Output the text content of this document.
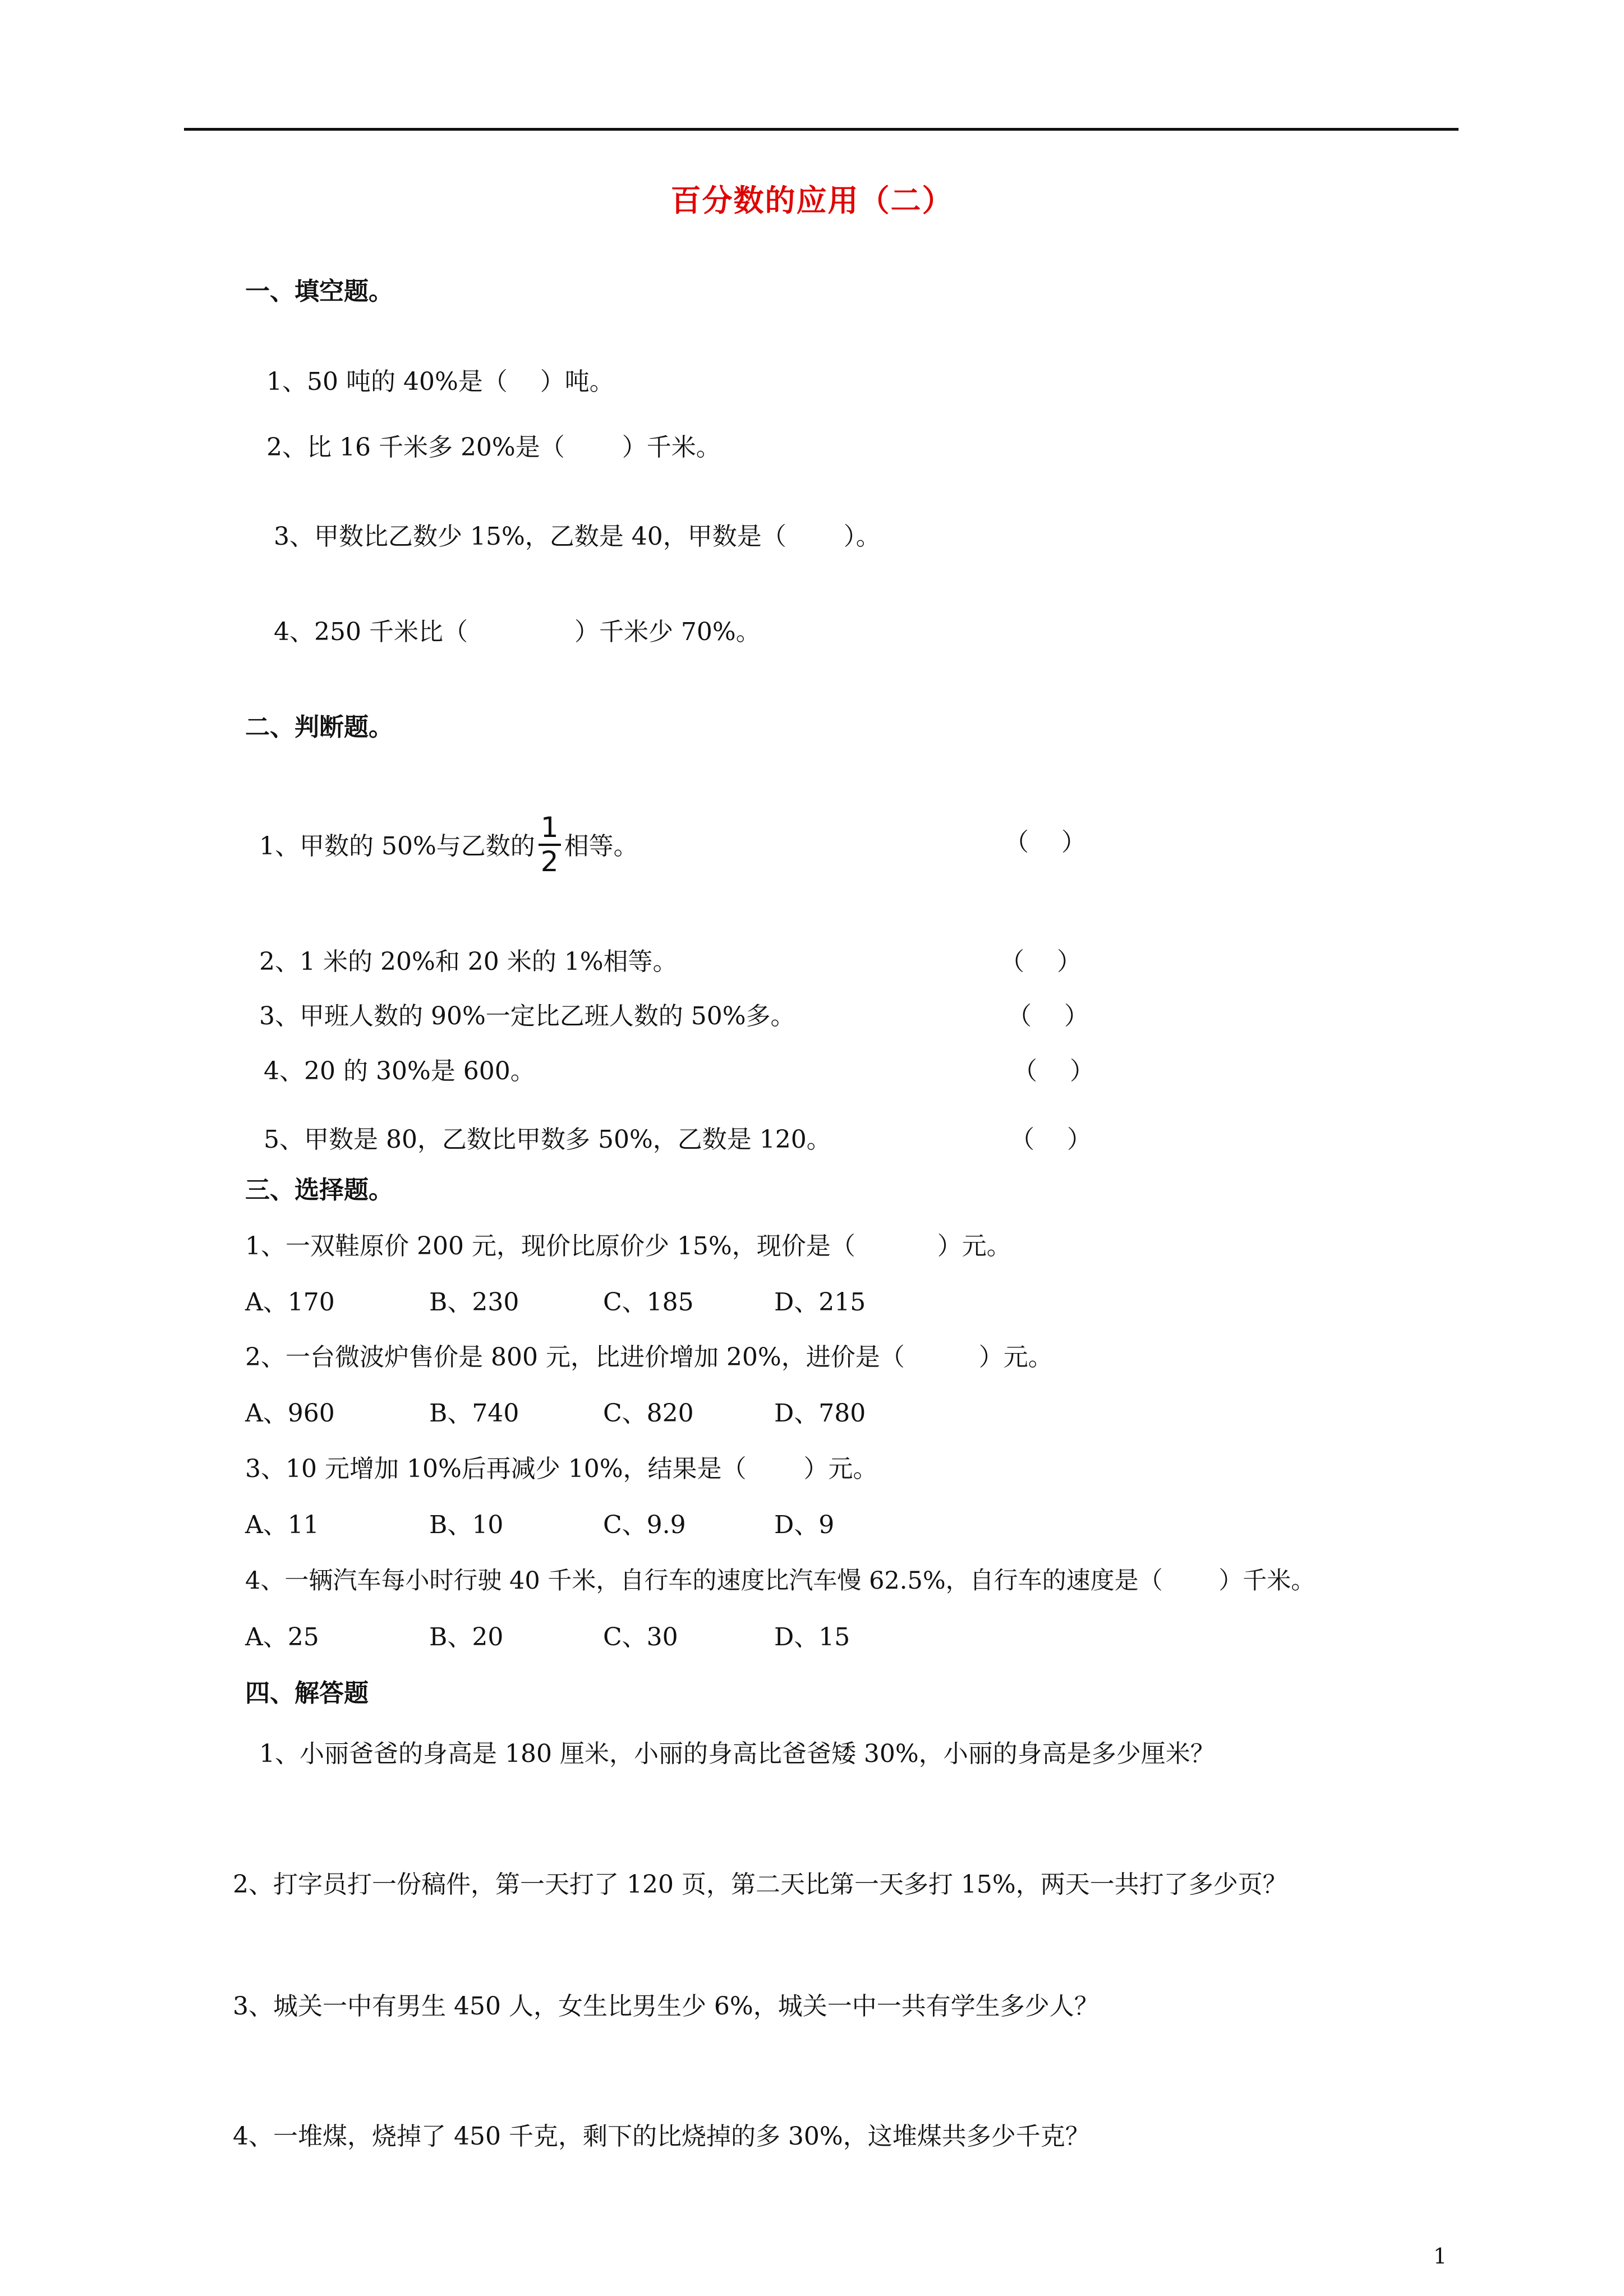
百分数的应用（二）
一、填空题。
1、50 吨的 40%是（　 ）吨。
2、比 16 千米多 20%是（　　 ）千米。
3、甲数比乙数少 15%，乙数是 40，甲数是（　　 ）。
4、250 千米比（　　　　 ）千米少 70%。
二、判断题。
1、甲数的 50%与乙数的 $\frac{1}{2}$ 相等。	（　 ）
2、1 米的 20%和 20 米的 1%相等。	（　 ）
3、甲班人数的 90%一定比乙班人数的 50%多。	（　 ）
4、20 的 30%是 600。	（　 ）
5、甲数是 80，乙数比甲数多 50%，乙数是 120。	（　 ）
三、选择题。
1、一双鞋原价 200 元，现价比原价少 15%，现价是（　　　 ）元。
A、170	B、230	C、185	D、215
2、一台微波炉售价是 800 元，比进价增加 20%，进价是（　　　）元。
A、960	B、740	C、820	D、780
3、10 元增加 10%后再减少 10%，结果是（　　 ）元。
A、11	B、10	C、9.9	D、9
4、一辆汽车每小时行驶 40 千米，自行车的速度比汽车慢 62.5%，自行车的速度是（　　 ）千米。
A、25	B、20	C、30	D、15
四、解答题
1、小丽爸爸的身高是 180 厘米，小丽的身高比爸爸矮 30%，小丽的身高是多少厘米？
2、打字员打一份稿件，第一天打了 120 页，第二天比第一天多打 15%，两天一共打了多少页？
3、城关一中有男生 450 人，女生比男生少 6%，城关一中一共有学生多少人？
4、一堆煤，烧掉了 450 千克，剩下的比烧掉的多 30%，这堆煤共多少千克？
1
